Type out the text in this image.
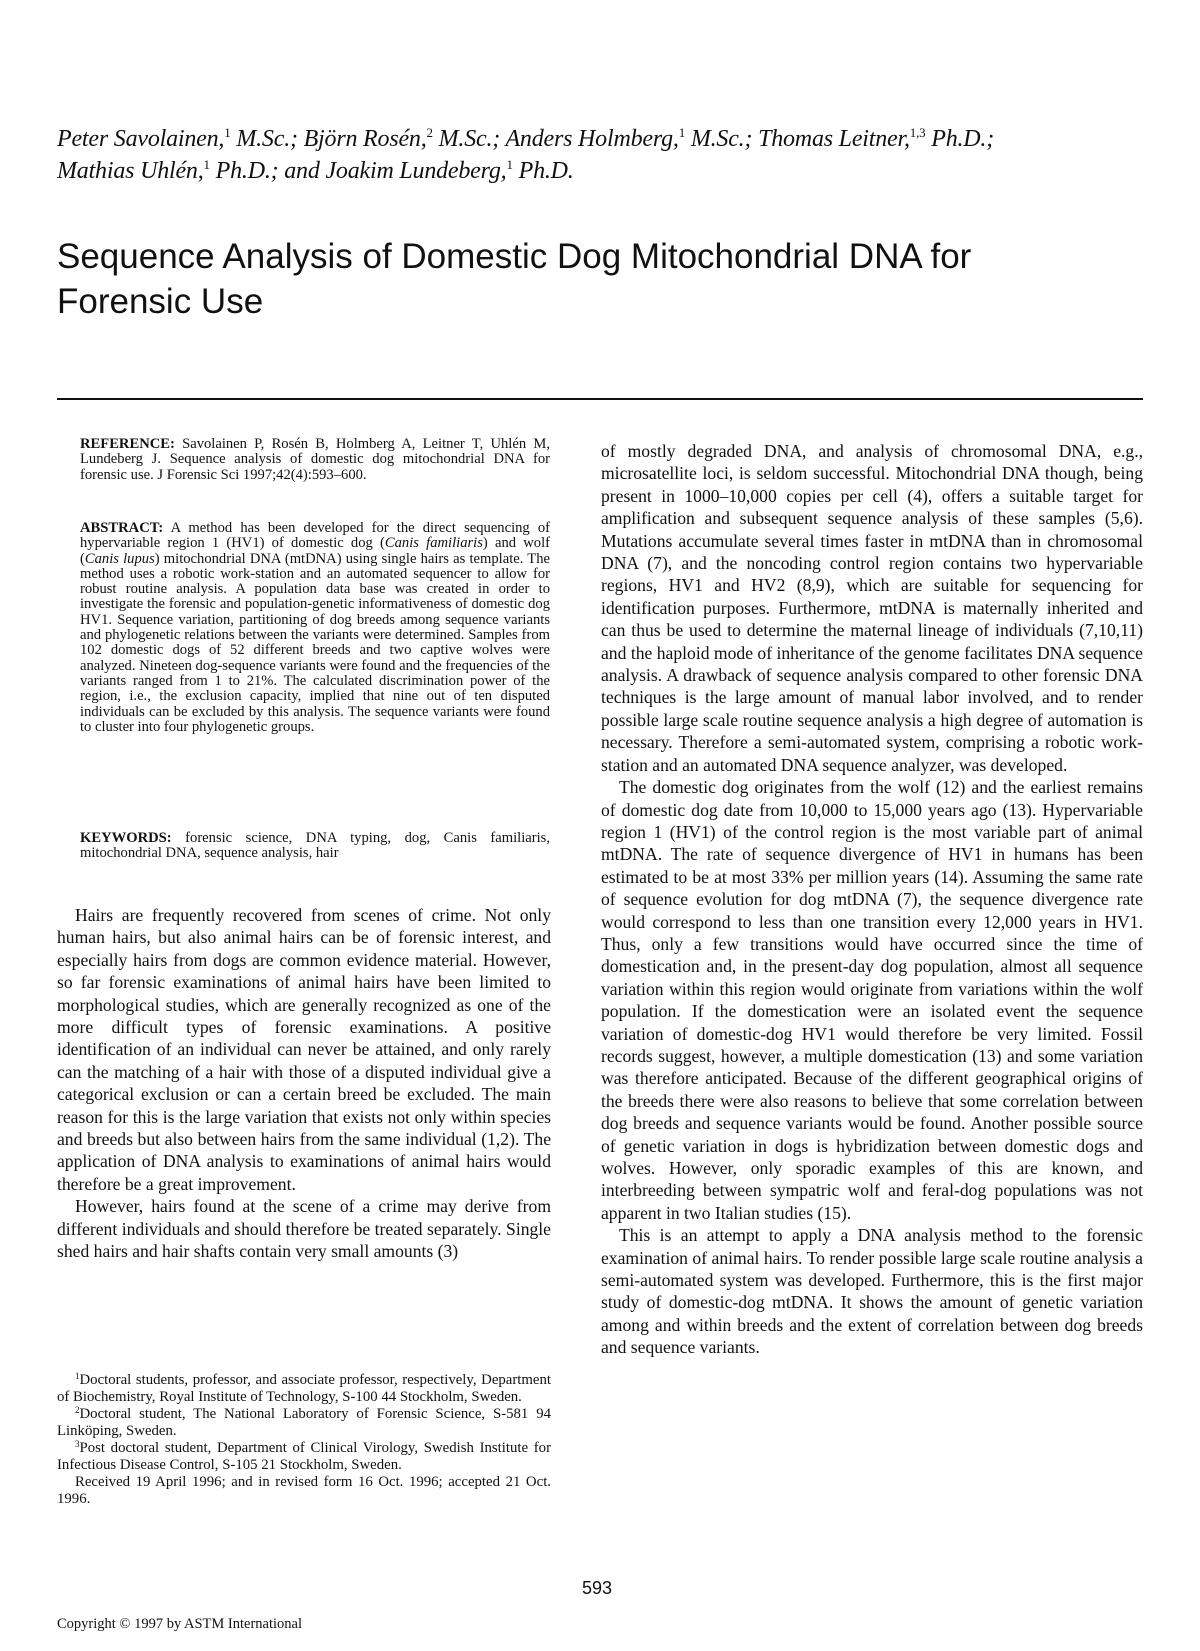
Peter Savolainen,$^1$ M.Sc.; Björn Rosén,$^2$ M.Sc.; Anders Holmberg,$^1$ M.Sc.; Thomas Leitner,$^{1,3}$ Ph.D.;
Mathias Uhlén,$^1$ Ph.D.; and Joakim Lundeberg,$^1$ Ph.D.
Sequence Analysis of Domestic Dog Mitochondrial DNA for
Forensic Use
REFERENCE: Savolainen P, Rosén B, Holmberg A, Leitner T, Uhlén M, Lundeberg J. Sequence analysis of domestic dog mitochondrial DNA for forensic use. J Forensic Sci 1997;42(4):593–600.
ABSTRACT: A method has been developed for the direct sequencing of hypervariable region 1 (HV1) of domestic dog (Canis familiaris) and wolf (Canis lupus) mitochondrial DNA (mtDNA) using single hairs as template. The method uses a robotic work-station and an automated sequencer to allow for robust routine analysis. A population data base was created in order to investigate the forensic and population-genetic informativeness of domestic dog HV1. Sequence variation, partitioning of dog breeds among sequence variants and phylogenetic relations between the variants were determined. Samples from 102 domestic dogs of 52 different breeds and two captive wolves were analyzed. Nineteen dog-sequence variants were found and the frequencies of the variants ranged from 1 to 21%. The calculated discrimination power of the region, i.e., the exclusion capacity, implied that nine out of ten disputed individuals can be excluded by this analysis. The sequence variants were found to cluster into four phylogenetic groups.
KEYWORDS: forensic science, DNA typing, dog, Canis familiaris, mitochondrial DNA, sequence analysis, hair

Hairs are frequently recovered from scenes of crime. Not only human hairs, but also animal hairs can be of forensic interest, and especially hairs from dogs are common evidence material. However, so far forensic examinations of animal hairs have been limited to morphological studies, which are generally recognized as one of the more difficult types of forensic examinations. A positive identification of an individual can never be attained, and only rarely can the matching of a hair with those of a disputed individual give a categorical exclusion or can a certain breed be excluded. The main reason for this is the large variation that exists not only within species and breeds but also between hairs from the same individual (1,2). The application of DNA analysis to examinations of animal hairs would therefore be a great improvement.

However, hairs found at the scene of a crime may derive from different individuals and should therefore be treated separately. Single shed hairs and hair shafts contain very small amounts (3)

$^1$Doctoral students, professor, and associate professor, respectively, Department of Biochemistry, Royal Institute of Technology, S-100 44 Stockholm, Sweden.

$^2$Doctoral student, The National Laboratory of Forensic Science, S-581 94 Linköping, Sweden.

$^3$Post doctoral student, Department of Clinical Virology, Swedish Institute for Infectious Disease Control, S-105 21 Stockholm, Sweden.

Received 19 April 1996; and in revised form 16 Oct. 1996; accepted 21 Oct. 1996.

of mostly degraded DNA, and analysis of chromosomal DNA, e.g., microsatellite loci, is seldom successful. Mitochondrial DNA though, being present in 1000–10,000 copies per cell (4), offers a suitable target for amplification and subsequent sequence analysis of these samples (5,6). Mutations accumulate several times faster in mtDNA than in chromosomal DNA (7), and the noncoding control region contains two hypervariable regions, HV1 and HV2 (8,9), which are suitable for sequencing for identification purposes. Furthermore, mtDNA is maternally inherited and can thus be used to determine the maternal lineage of individuals (7,10,11) and the haploid mode of inheritance of the genome facilitates DNA sequence analysis. A drawback of sequence analysis compared to other forensic DNA techniques is the large amount of manual labor involved, and to render possible large scale routine sequence analysis a high degree of automation is necessary. Therefore a semi-automated system, comprising a robotic work-station and an automated DNA sequence analyzer, was developed.

The domestic dog originates from the wolf (12) and the earliest remains of domestic dog date from 10,000 to 15,000 years ago (13). Hypervariable region 1 (HV1) of the control region is the most variable part of animal mtDNA. The rate of sequence divergence of HV1 in humans has been estimated to be at most 33% per million years (14). Assuming the same rate of sequence evolution for dog mtDNA (7), the sequence divergence rate would correspond to less than one transition every 12,000 years in HV1. Thus, only a few transitions would have occurred since the time of domestication and, in the present-day dog population, almost all sequence variation within this region would originate from variations within the wolf population. If the domestication were an isolated event the sequence variation of domestic-dog HV1 would therefore be very limited. Fossil records suggest, however, a multiple domestication (13) and some variation was therefore anticipated. Because of the different geographical origins of the breeds there were also reasons to believe that some correlation between dog breeds and sequence variants would be found. Another possible source of genetic variation in dogs is hybridization between domestic dogs and wolves. However, only sporadic examples of this are known, and interbreeding between sympatric wolf and feral-dog populations was not apparent in two Italian studies (15).

This is an attempt to apply a DNA analysis method to the forensic examination of animal hairs. To render possible large scale routine analysis a semi-automated system was developed. Furthermore, this is the first major study of domestic-dog mtDNA. It shows the amount of genetic variation among and within breeds and the extent of correlation between dog breeds and sequence variants.

593
Copyright © 1997 by ASTM International
